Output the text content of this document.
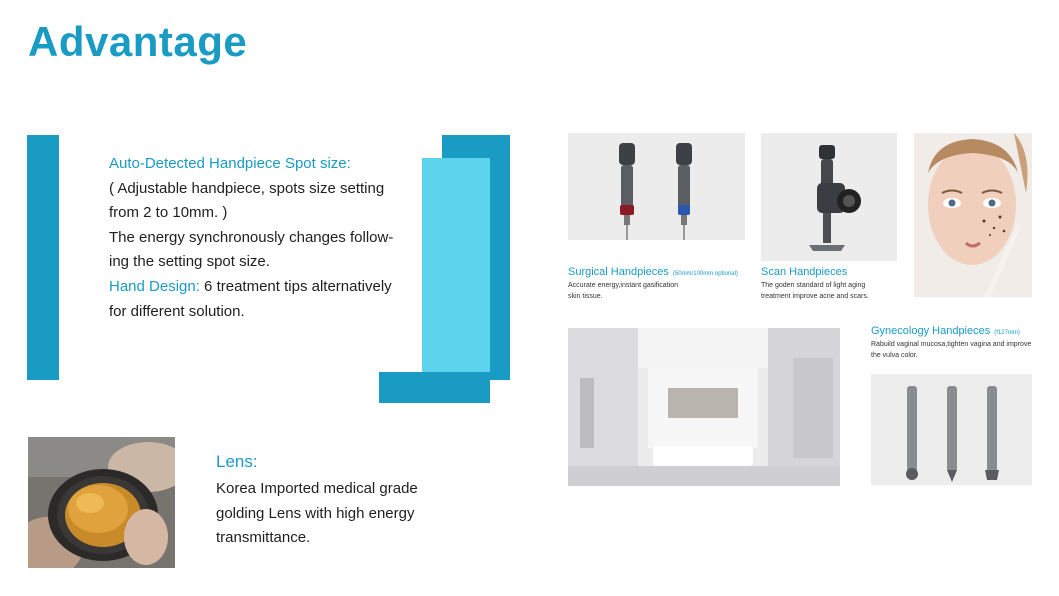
Advantage
Auto-Detected Handpiece Spot size:
( Adjustable handpiece, spots size setting
from 2 to 10mm. )
The energy synchronously changes follow-
ing the setting spot size.
Hand Design: 6 treatment tips alternatively
for different solution.
Lens:
Korea Imported medical grade
golding Lens with high energy
transmittance.
Surgical Handpieces (50mm/100mm optional)
Accurate energy,instant gasification
skin tissue.
Scan Handpieces
The goden standard of light aging
treatment improve acne and scars.
Gynecology Handpieces (f127mm)
Rabuild vaginal mucosa,tighten vagina and improve
the vulva color.
